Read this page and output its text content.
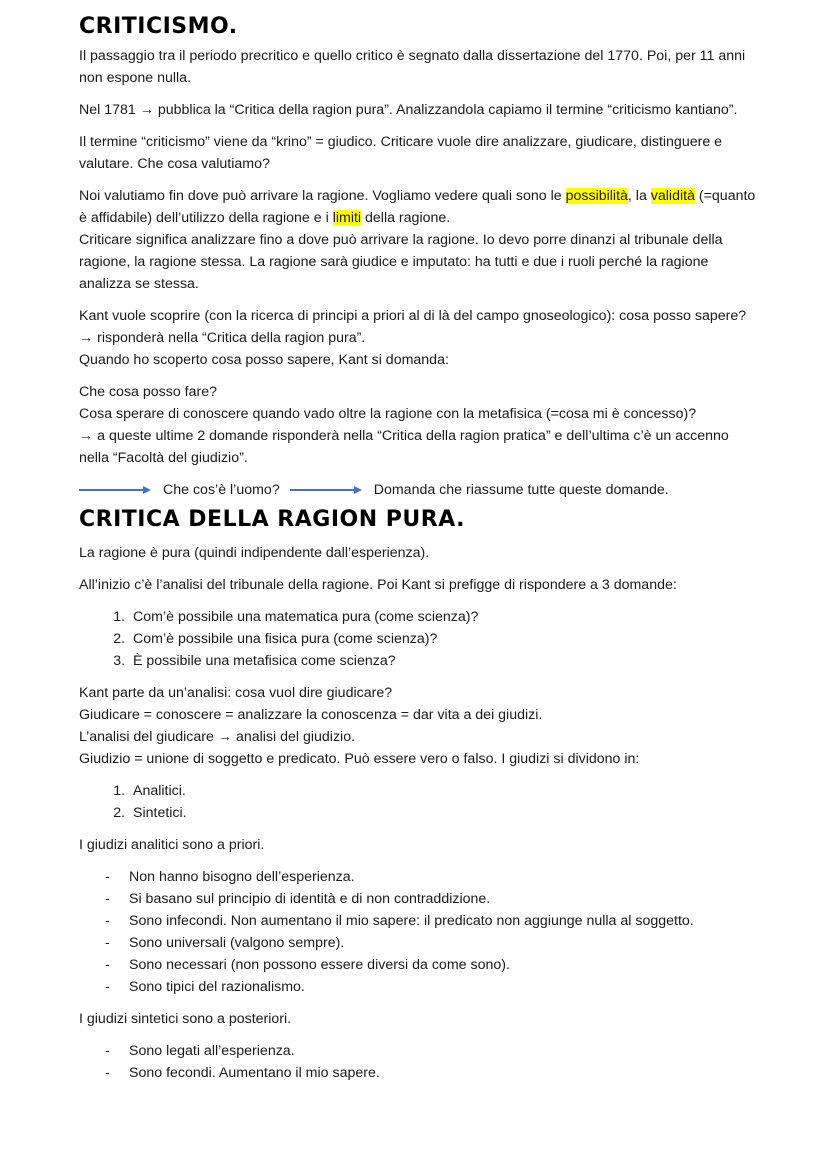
CRITICISMO.

Il passaggio tra il periodo precritico e quello critico è segnato dalla dissertazione del 1770. Poi, per 11 anni non espone nulla.

Nel 1781 → pubblica la “Critica della ragion pura”. Analizzandola capiamo il termine “criticismo kantiano”.

Il termine “criticismo” viene da “krino” = giudico. Criticare vuole dire analizzare, giudicare, distinguere e valutare. Che cosa valutiamo?

Noi valutiamo fin dove può arrivare la ragione. Vogliamo vedere quali sono le possibilità, la validità (=quanto è affidabile) dell’utilizzo della ragione e i limiti della ragione.

Criticare significa analizzare fino a dove può arrivare la ragione. Io devo porre dinanzi al tribunale della ragione, la ragione stessa. La ragione sarà giudice e imputato: ha tutti e due i ruoli perché la ragione analizza se stessa.

Kant vuole scoprire (con la ricerca di principi a priori al di là del campo gnoseologico): cosa posso sapere? → risponderà nella “Critica della ragion pura”.

Quando ho scoperto cosa posso sapere, Kant si domanda:

Che cosa posso fare?

Cosa sperare di conoscere quando vado oltre la ragione con la metafisica (=cosa mi è concesso)?

→ a queste ultime 2 domande risponderà nella “Critica della ragion pratica” e dell’ultima c’è un accenno nella “Facoltà del giudizio”.

Che cos’è l’uomo?	Domanda che riassume tutte queste domande.
CRITICA DELLA RAGION PURA.

La ragione è pura (quindi indipendente dall’esperienza).

All’inizio c’è l’analisi del tribunale della ragione. Poi Kant si prefigge di rispondere a 3 domande:

1. Com’è possibile una matematica pura (come scienza)?
2. Com’è possibile una fisica pura (come scienza)?
3. È possibile una metafisica come scienza?

Kant parte da un’analisi: cosa vuol dire giudicare?

Giudicare = conoscere = analizzare la conoscenza = dar vita a dei giudizi.

L’analisi del giudicare → analisi del giudizio.

Giudizio = unione di soggetto e predicato. Può essere vero o falso. I giudizi si dividono in:

1. Analitici.
2. Sintetici.

I giudizi analitici sono a priori.

- Non hanno bisogno dell’esperienza.
- Si basano sul principio di identità e di non contraddizione.
- Sono infecondi. Non aumentano il mio sapere: il predicato non aggiunge nulla al soggetto.
- Sono universali (valgono sempre).
- Sono necessari (non possono essere diversi da come sono).
- Sono tipici del razionalismo.

I giudizi sintetici sono a posteriori.

- Sono legati all’esperienza.
- Sono fecondi. Aumentano il mio sapere.
